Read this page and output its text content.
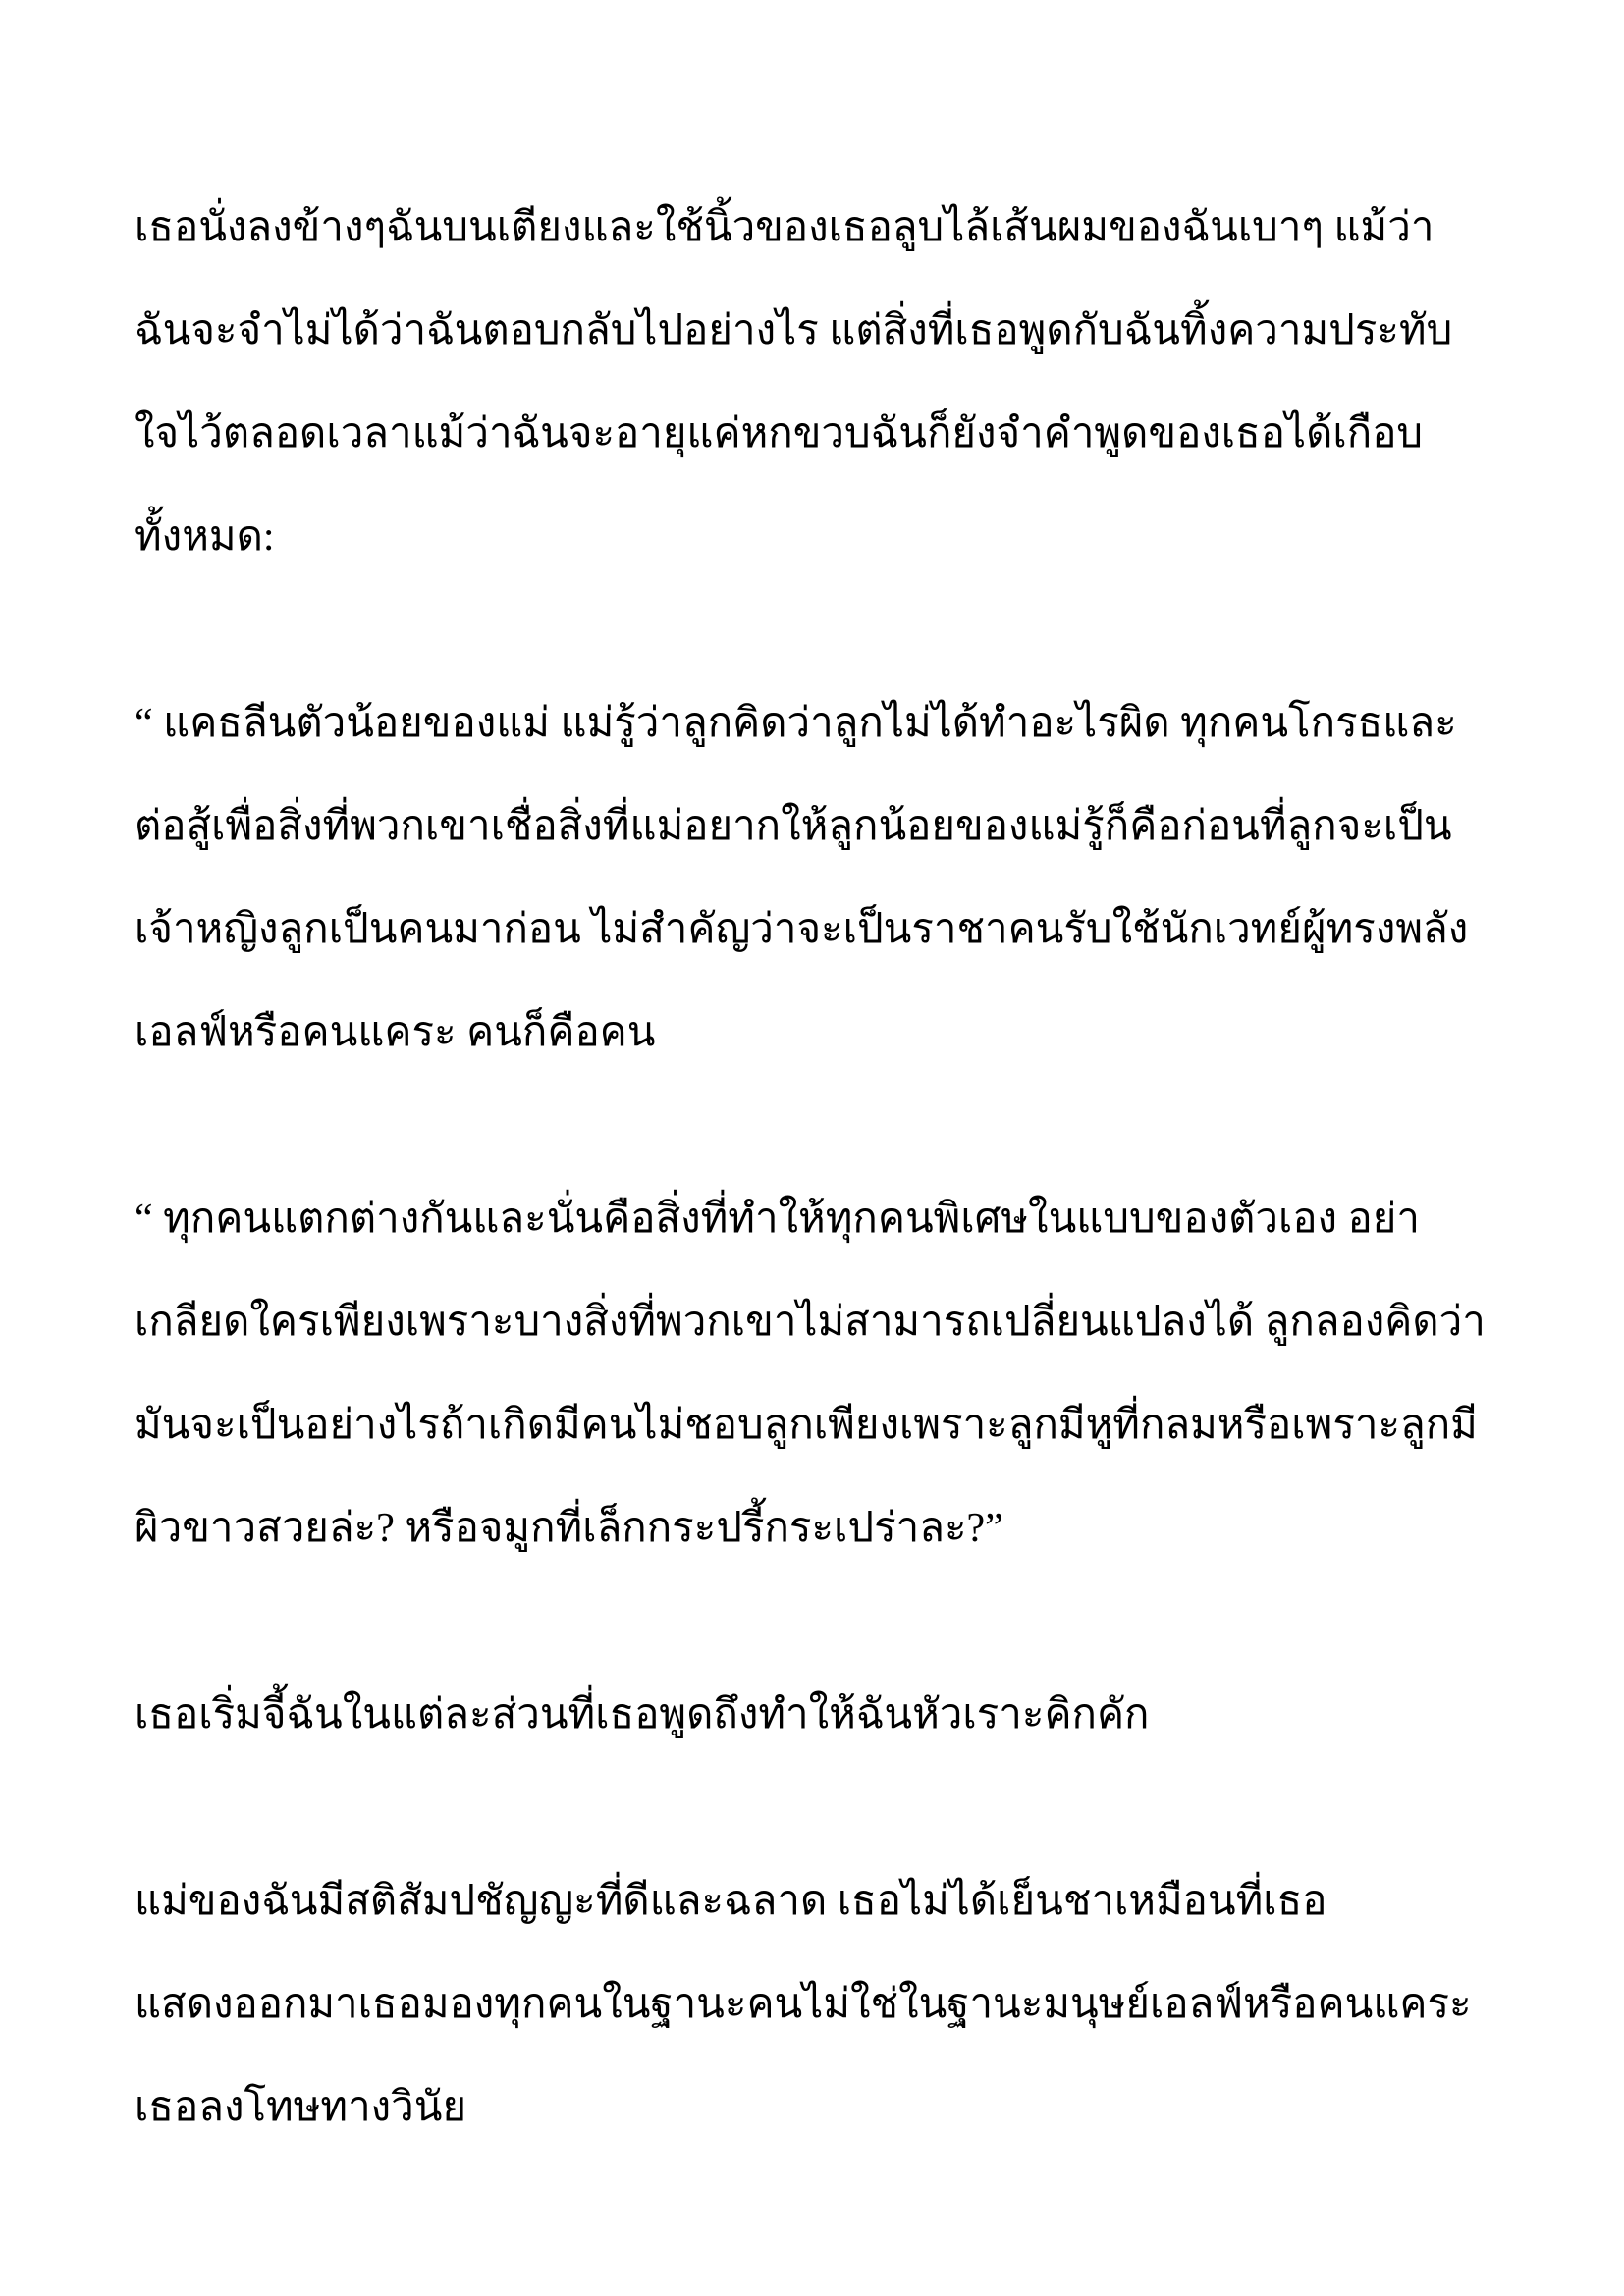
เธอนั่งลงข้างๆฉันบนเตียงและใช้นิ้วของเธอลูบไล้เส้นผมของฉันเบาๆ แม้ว่าฉันจะจำไม่ได้ว่าฉันตอบกลับไปอย่างไร แต่สิ่งที่เธอพูดกับฉันทิ้งความประทับใจไว้ตลอดเวลาแม้ว่าฉันจะอายุแค่หกขวบฉันก็ยังจำคำพูดของเธอได้เกือบทั้งหมด:

“ แคธลีนตัวน้อยของแม่ แม่รู้ว่าลูกคิดว่าลูกไม่ได้ทำอะไรผิด ทุกคนโกรธและต่อสู้เพื่อสิ่งที่พวกเขาเชื่อสิ่งที่แม่อยากให้ลูกน้อยของแม่รู้ก็คือก่อนที่ลูกจะเป็นเจ้าหญิงลูกเป็นคนมาก่อน ไม่สำคัญว่าจะเป็นราชาคนรับใช้นักเวทย์ผู้ทรงพลังเอลฟ์หรือคนแคระ คนก็คือคน

“ ทุกคนแตกต่างกันและนั่นคือสิ่งที่ทำให้ทุกคนพิเศษในแบบของตัวเอง อย่าเกลียดใครเพียงเพราะบางสิ่งที่พวกเขาไม่สามารถเปลี่ยนแปลงได้ ลูกลองคิดว่ามันจะเป็นอย่างไรถ้าเกิดมีคนไม่ชอบลูกเพียงเพราะลูกมีหูที่กลมหรือเพราะลูกมีผิวขาวสวยล่ะ? หรือจมูกที่เล็กกระปรี้กระเปร่าละ?”

เธอเริ่มจี้ฉันในแต่ละส่วนที่เธอพูดถึงทำให้ฉันหัวเราะคิกคัก

แม่ของฉันมีสติสัมปชัญญะที่ดีและฉลาด เธอไม่ได้เย็นชาเหมือนที่เธอแสดงออกมาเธอมองทุกคนในฐานะคนไม่ใช่ในฐานะมนุษย์เอลฟ์หรือคนแคระ เธอลงโทษทางวินัย
